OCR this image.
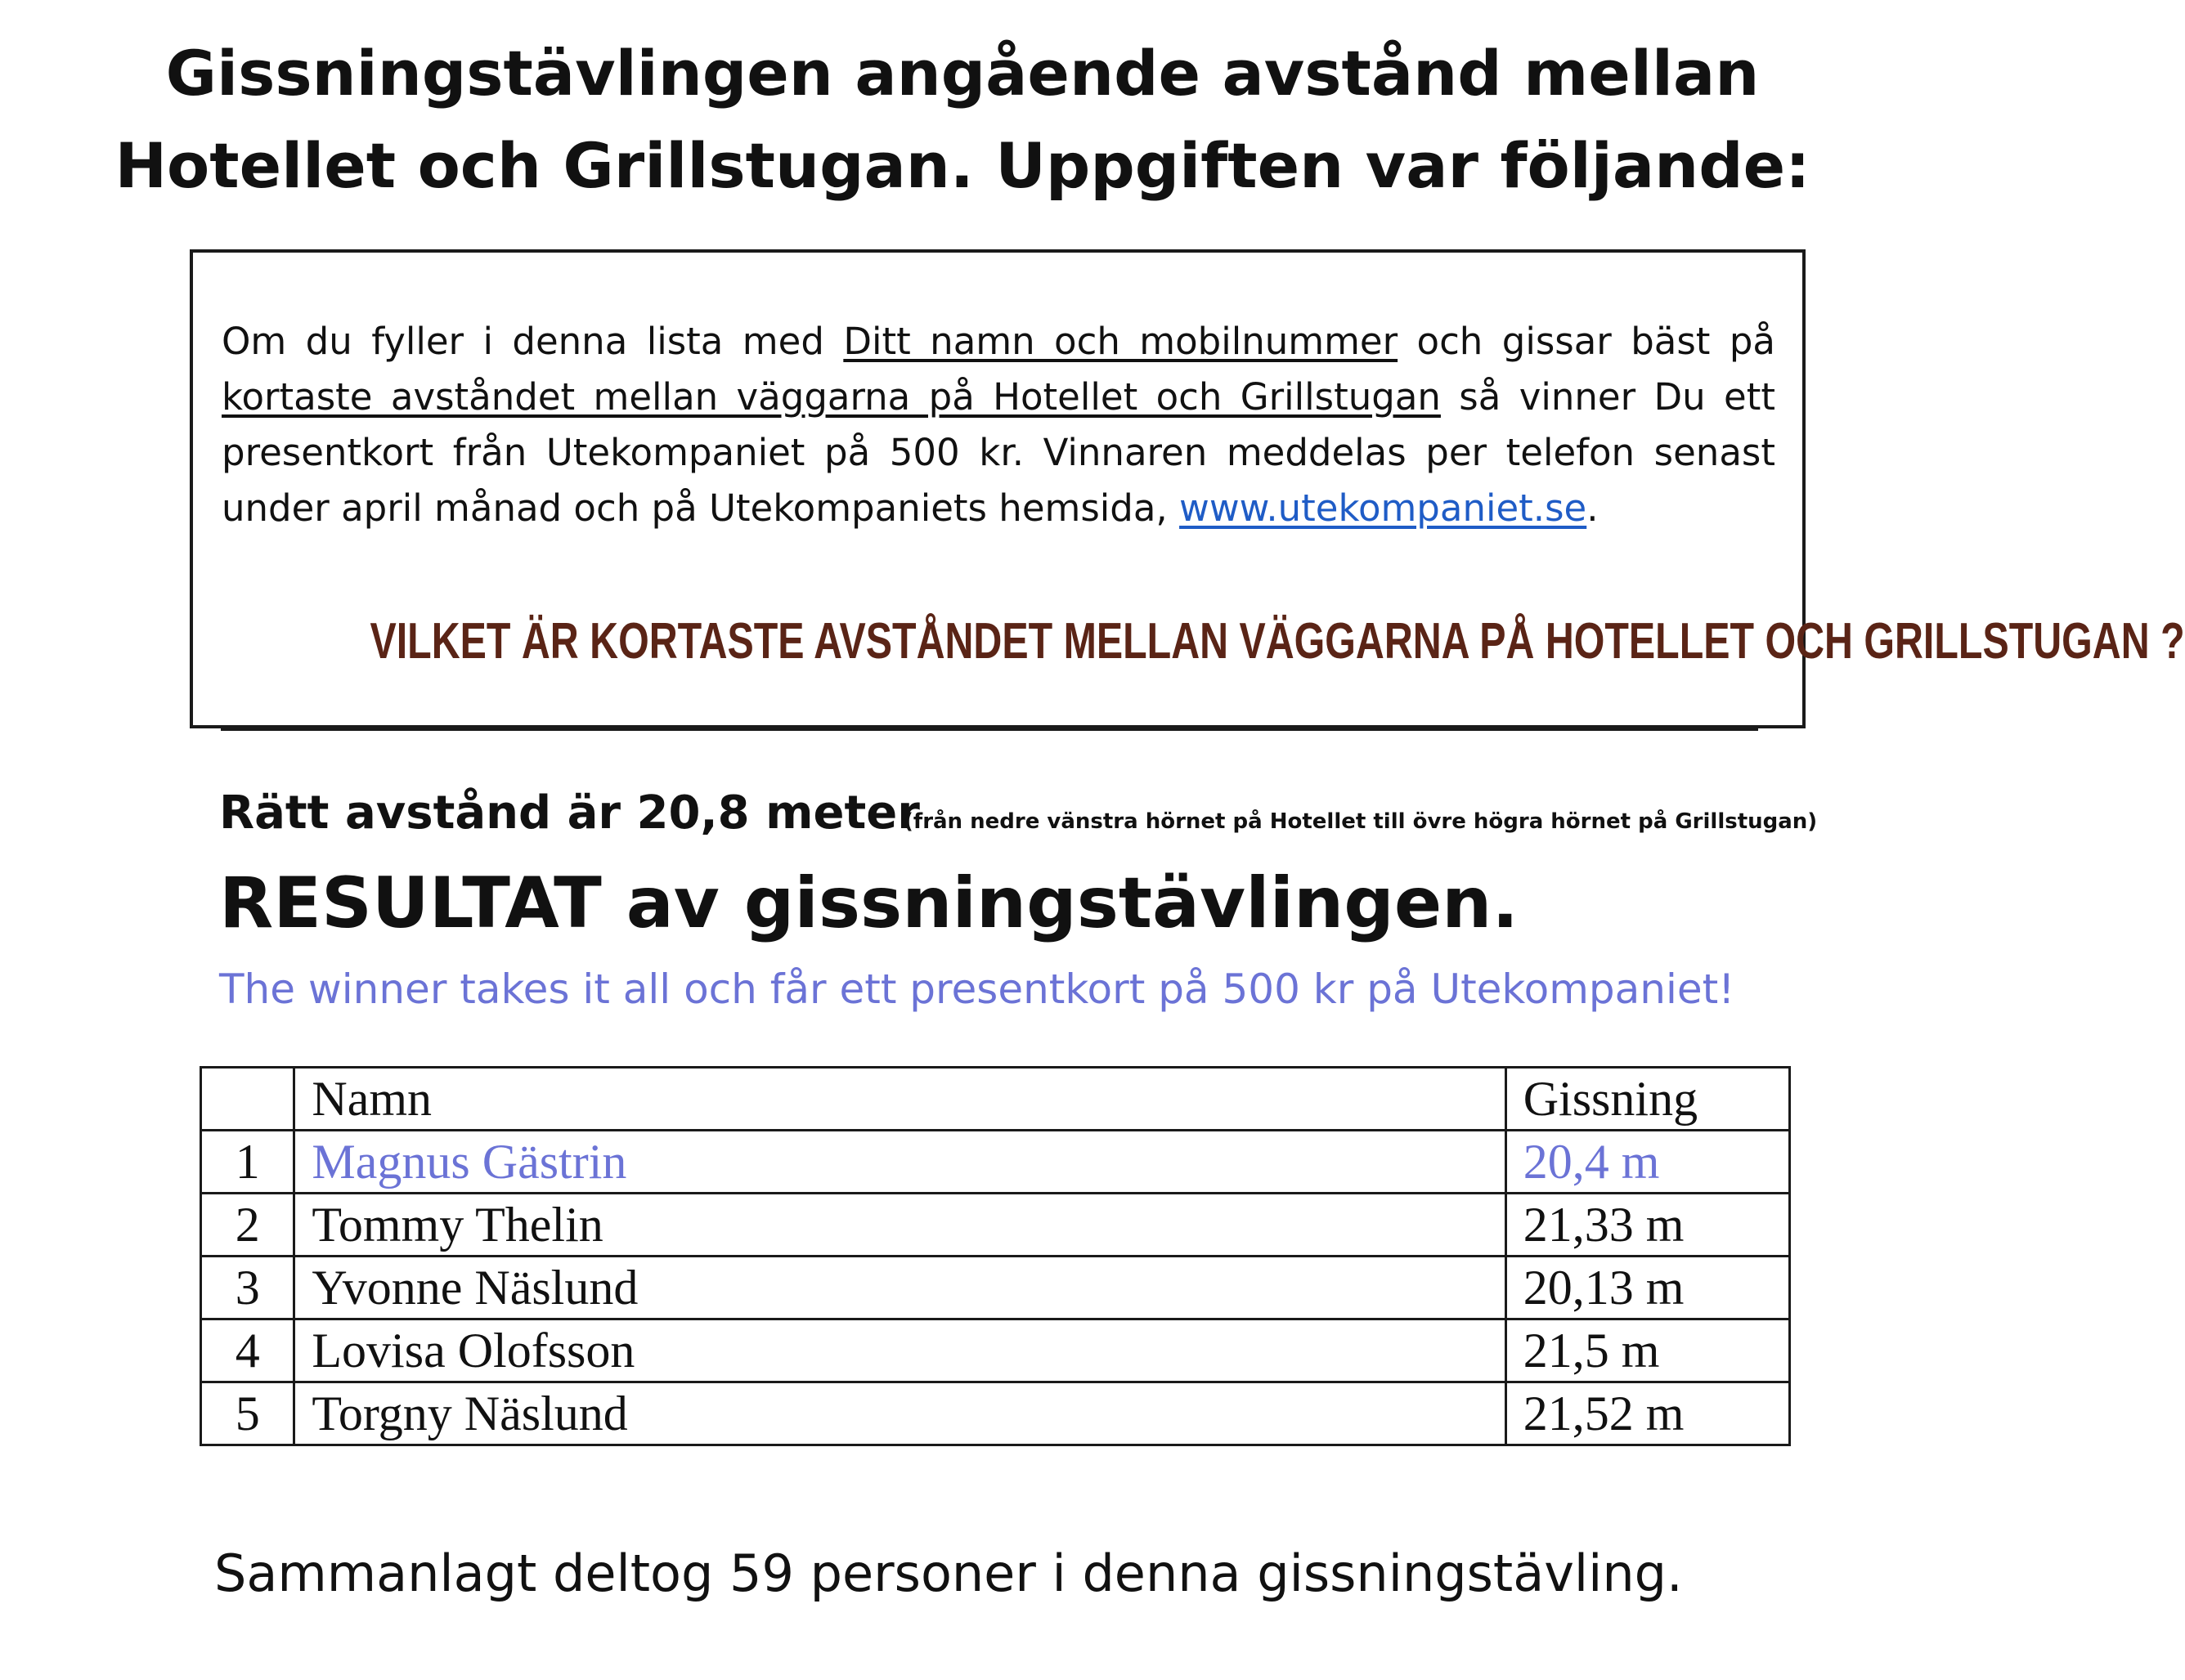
Gissningstävlingen angående avstånd mellan
Hotellet och Grillstugan. Uppgiften var följande:

Om du fyller i denna lista med Ditt namn och mobilnummer och gissar bäst på kortaste avståndet mellan väggarna på Hotellet och Grillstugan så vinner Du ett presentkort från Utekompaniet på 500 kr. Vinnaren meddelas per telefon senast under april månad och på Utekompaniets hemsida, www.utekompaniet.se.

VILKET ÄR KORTASTE AVSTÅNDET MELLAN VÄGGARNA PÅ HOTELLET OCH GRILLSTUGAN ?

Rätt avstånd är 20,8 meter

(från nedre vänstra hörnet på Hotellet till övre högra hörnet på Grillstugan)
RESULTAT av gissningstävlingen.
The winner takes it all och får ett presentkort på 500 kr på Utekompaniet!
	Namn	Gissning
1	Magnus Gästrin	20,4 m
2	Tommy Thelin	21,33 m
3	Yvonne Näslund	20,13 m
4	Lovisa Olofsson	21,5 m
5	Torgny Näslund	21,52 m

Sammanlagt deltog 59 personer i denna gissningstävling.
